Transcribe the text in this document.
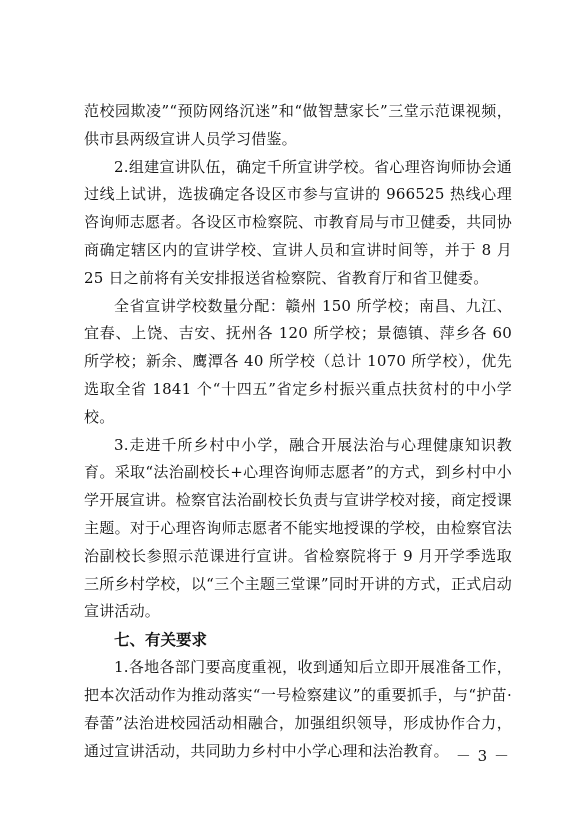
范校园欺凌”“预防网络沉迷”和“做智慧家长”三堂示范课视频，供市县两级宣讲人员学习借鉴。

2.组建宣讲队伍，确定千所宣讲学校。省心理咨询师协会通过线上试讲，选拔确定各设区市参与宣讲的 966525 热线心理咨询师志愿者。各设区市检察院、市教育局与市卫健委，共同协商确定辖区内的宣讲学校、宣讲人员和宣讲时间等，并于 8 月 25 日之前将有关安排报送省检察院、省教育厅和省卫健委。

全省宣讲学校数量分配：赣州 150 所学校；南昌、九江、宜春、上饶、吉安、抚州各 120 所学校；景德镇、萍乡各 60 所学校；新余、鹰潭各 40 所学校（总计 1070 所学校），优先选取全省 1841 个“十四五”省定乡村振兴重点扶贫村的中小学校。

3.走进千所乡村中小学，融合开展法治与心理健康知识教育。采取“法治副校长+心理咨询师志愿者”的方式，到乡村中小学开展宣讲。检察官法治副校长负责与宣讲学校对接，商定授课主题。对于心理咨询师志愿者不能实地授课的学校，由检察官法治副校长参照示范课进行宣讲。省检察院将于 9 月开学季选取三所乡村学校，以“三个主题三堂课”同时开讲的方式，正式启动宣讲活动。

七、有关要求

1.各地各部门要高度重视，收到通知后立即开展准备工作，把本次活动作为推动落实“一号检察建议”的重要抓手，与“护苗·春蕾”法治进校园活动相融合，加强组织领导，形成协作合力，通过宣讲活动，共同助力乡村中小学心理和法治教育。 － 3 －
